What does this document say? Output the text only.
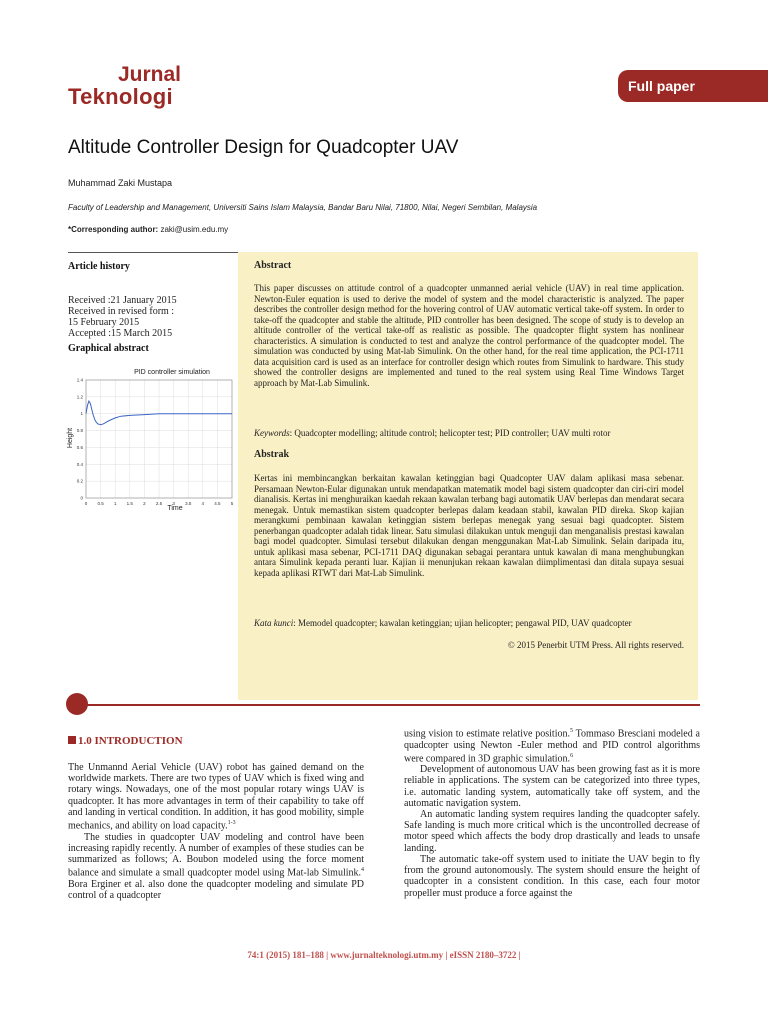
Jurnal
Teknologi	Full paper
Altitude Controller Design for Quadcopter UAV
Muhammad Zaki Mustapa
Faculty of Leadership and Management, Universiti Sains Islam Malaysia, Bandar Baru Nilai, 71800, Nilai, Negeri Sembilan, Malaysia
*Corresponding author: zaki@usim.edu.my
Article history
Received :21 January 2015
Received in revised form :
15 February 2015
Accepted :15 March 2015
Graphical abstract
PID controller simulation
0 0.5 1 1.5 2 2.5 3 3.5 4 4.5 5
0
0.2
0.4
0.6
0.8
1
1.2
1.4
Time
Height
Abstract

This paper discusses on attitude control of a quadcopter unmanned aerial vehicle (UAV) in real time application. Newton-Euler equation is used to derive the model of system and the model characteristic is analyzed. The paper describes the controller design method for the hovering control of UAV automatic vertical take-off system. In order to take-off the quadcopter and stable the altitude, PID controller has been designed. The scope of study is to develop an altitude controller of the vertical take-off as realistic as possible. The quadcopter flight system has nonlinear characteristics. A simulation is conducted to test and analyze the control performance of the quadcopter model. The simulation was conducted by using Mat-lab Simulink. On the other hand, for the real time application, the PCI-1711 data acquisition card is used as an interface for controller design which routes from Simulink to hardware. This study showed the controller designs are implemented and tuned to the real system using Real Time Windows Target approach by Mat-Lab Simulink.

Keywords: Quadcopter modelling; altitude control; helicopter test; PID controller; UAV multi rotor

Abstrak

Kertas ini membincangkan berkaitan kawalan ketinggian bagi Quadcopter UAV dalam aplikasi masa sebenar. Persamaan Newton-Eular digunakan untuk mendapatkan matematik model bagi sistem quadcopter dan ciri-ciri model dianalisis. Kertas ini menghuraikan kaedah rekaan kawalan terbang bagi automatik UAV berlepas dan mendarat secara menegak. Untuk memastikan sistem quadcopter berlepas dalam keadaan stabil, kawalan PID direka. Skop kajian merangkumi pembinaan kawalan ketinggian sistem berlepas menegak yang sesuai bagi quadcopter. Sistem penerbangan quadcopter adalah tidak linear. Satu simulasi dilakukan untuk menguji dan menganalisis prestasi kawalan bagi model quadcopter. Simulasi tersebut dilakukan dengan menggunakan Mat-Lab Simulink. Selain daripada itu, untuk aplikasi masa sebenar, PCI-1711 DAQ digunakan sebagai perantara untuk kawalan di mana menghubungkan antara Simulink kepada peranti luar. Kajian ii menunjukan rekaan kawalan diimplimentasi dan ditala supaya sesuai kepada aplikasi RTWT dari Mat-Lab Simulink.

Kata kunci: Memodel quadcopter; kawalan ketinggian; ujian helicopter; pengawal PID, UAV quadcopter

© 2015 Penerbit UTM Press. All rights reserved.

1.0 INTRODUCTION

The Unmannd Aerial Vehicle (UAV) robot has gained demand on the worldwide markets. There are two types of UAV which is fixed wing and rotary wings. Nowadays, one of the most popular rotary wings UAV is quadcopter. It has more advantages in term of their capability to take off and landing in vertical condition. In addition, it has good mobility, simple mechanics, and ability on load capacity.$^{1-3}$

The studies in quadcopter UAV modeling and control have been increasing rapidly recently. A number of examples of these studies can be summarized as follows; A. Boubon modeled using the force moment balance and simulate a small quadcopter model using Mat-lab Simulink.$^4$ Bora Erginer et al. also done the quadcopter modeling and simulate PD control of a quadcopter

using vision to estimate relative position.$^5$ Tommaso Bresciani modeled a quadcopter using Newton -Euler method and PID control algorithms were compared in 3D graphic simulation.$^6$

Development of autonomous UAV has been growing fast as it is more reliable in applications. The system can be categorized into three types, i.e. automatic landing system, automatically take off system, and the automatic navigation system.

An automatic landing system requires landing the quadcopter safely. Safe landing is much more critical which is the uncontrolled decrease of motor speed which affects the body drop drastically and leads to unsafe landing.

The automatic take-off system used to initiate the UAV begin to fly from the ground autonomously. The system should ensure the height of quadcopter in a consistent condition. In this case, each four motor propeller must produce a force against the

74:1 (2015) 181–188 | www.jurnalteknologi.utm.my | eISSN 2180–3722 |
